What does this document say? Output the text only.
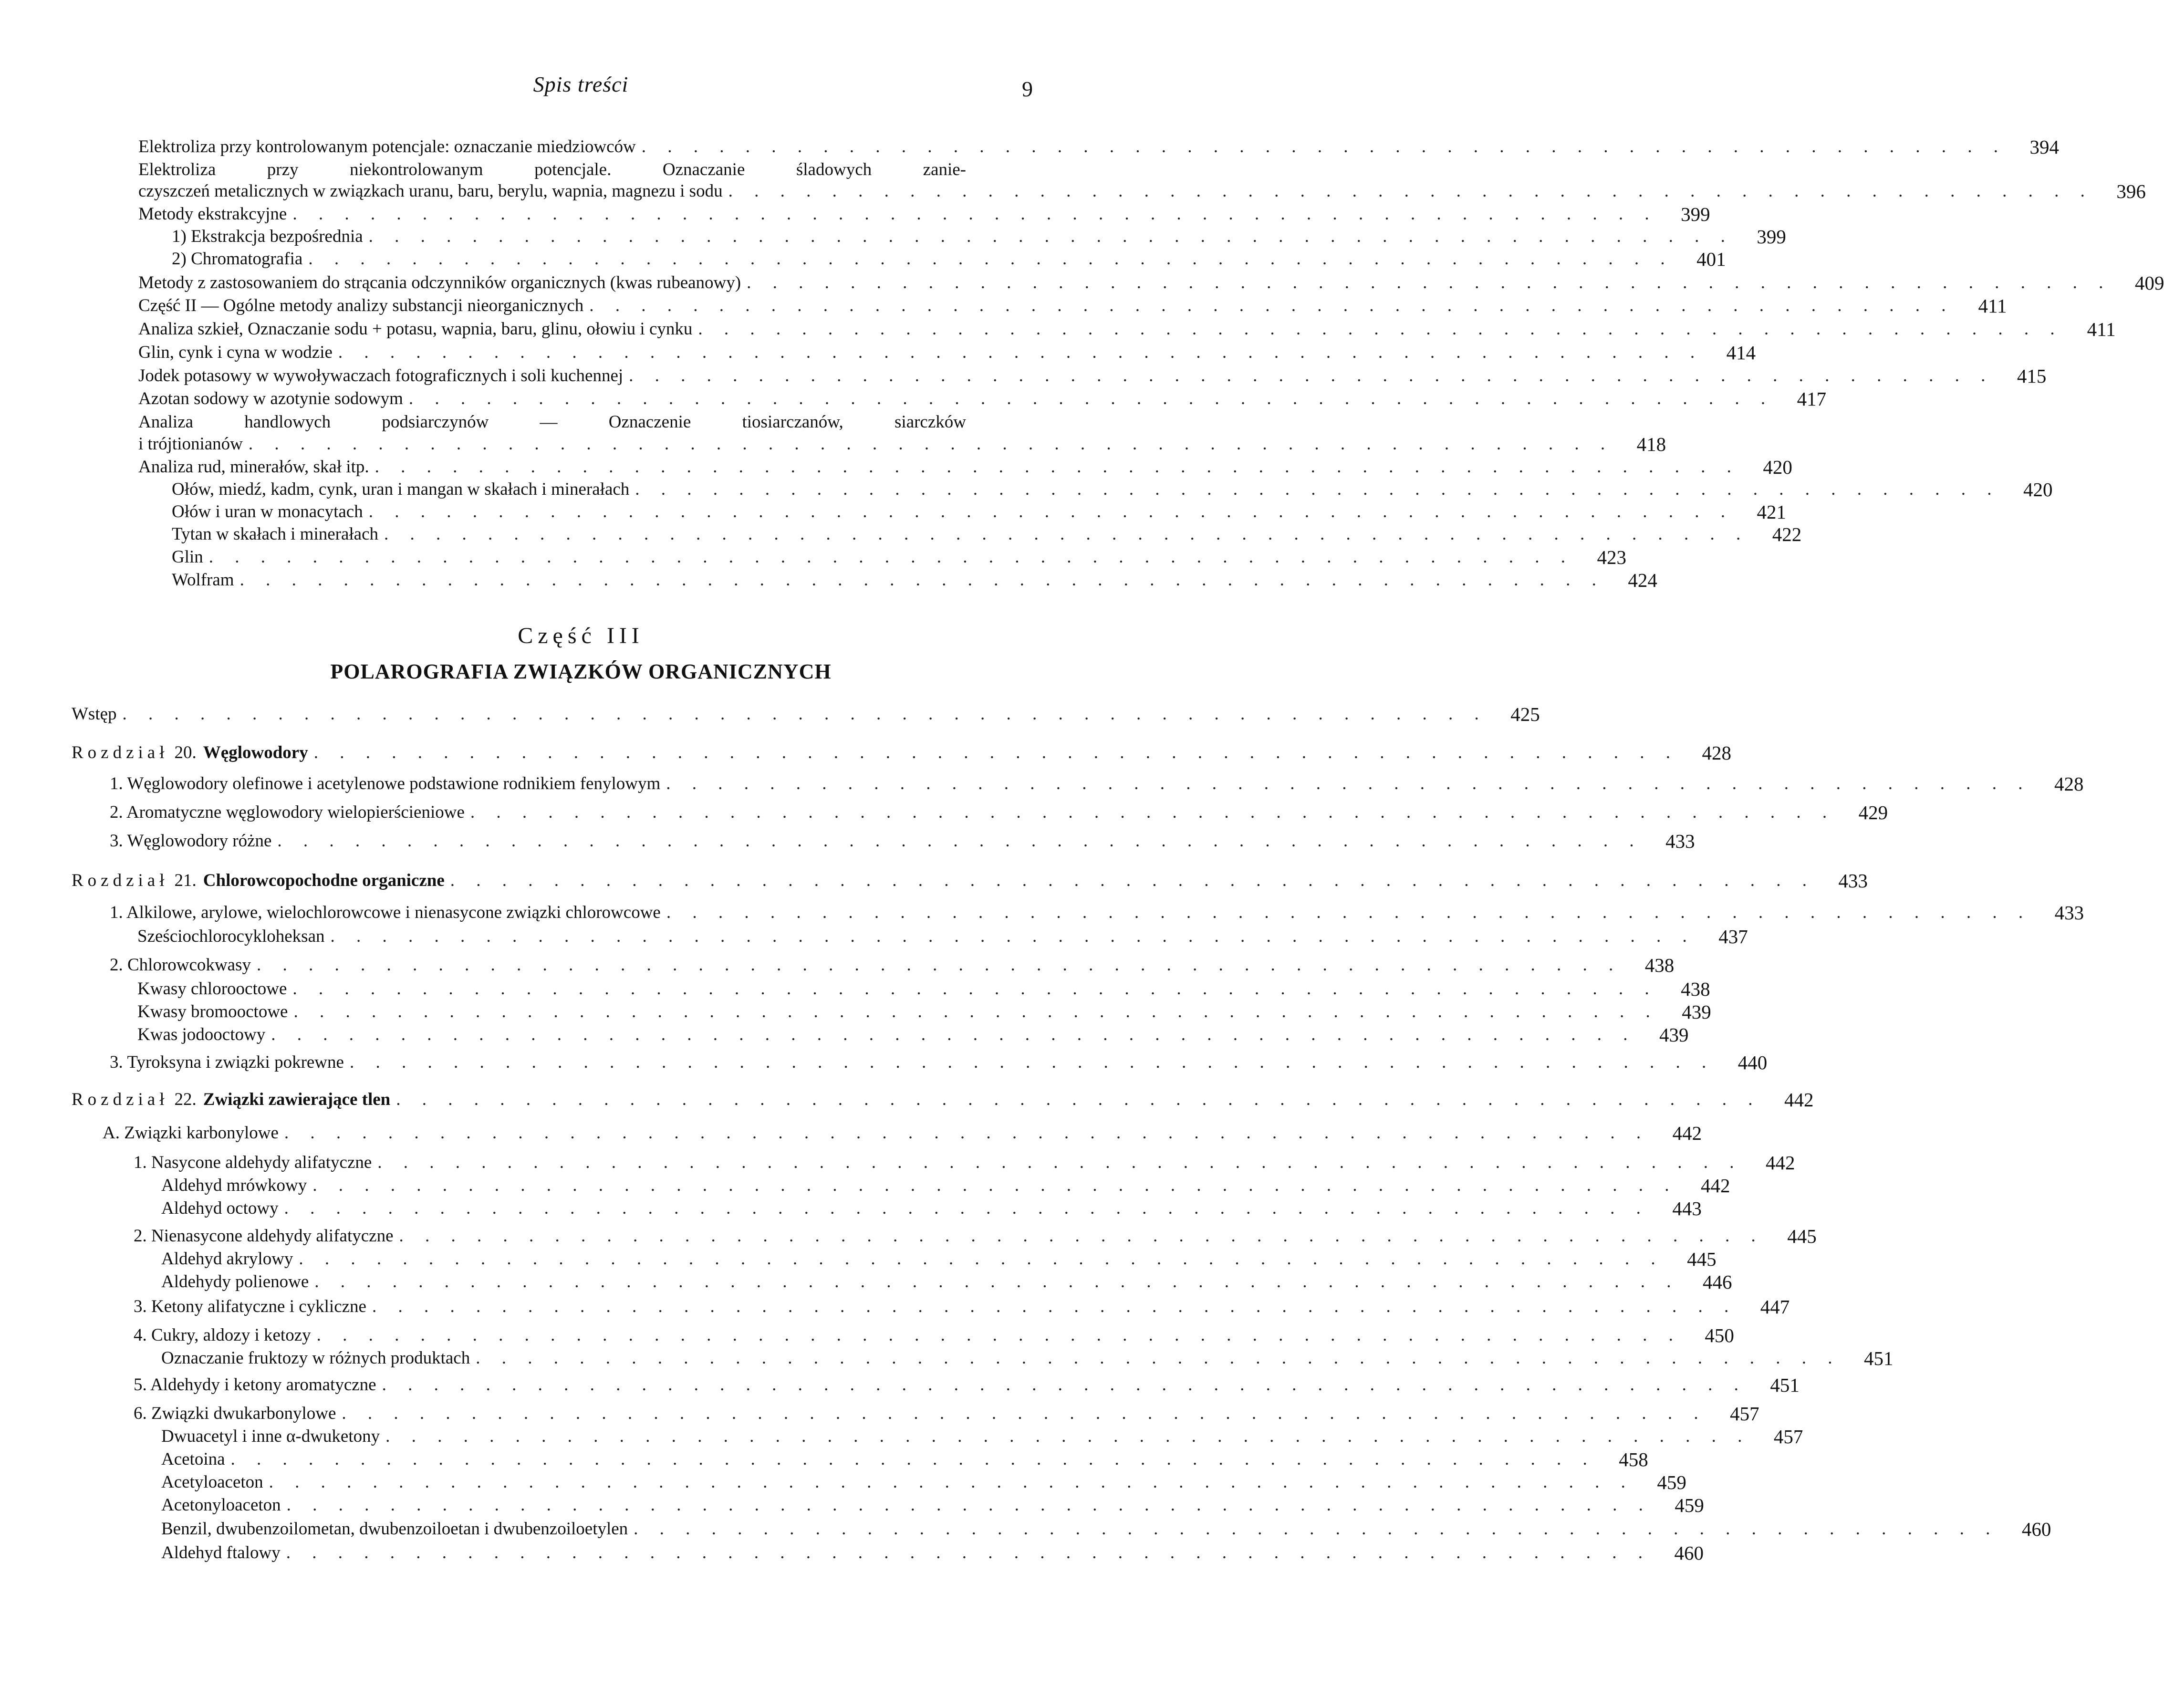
Spis treści	9
Elektroliza przy kontrolowanym potencjale: oznaczanie miedziowców . . . . . . . . . . . . . . . . . . . . . . . . . . . . . . . . . . . . . . . . . . . . . . . . . . . . .	394
Elektroliza przy niekontrolowanym potencjale. Oznaczanie śladowych zanie-
czyszczeń metalicznych w związkach uranu, baru, berylu, wapnia, magnezu i sodu . . . . . . . . . . . . . . . . . . . . . . . . . . . . . . . . . . . . . . . . . . . . . . . . . . . . .	396
Metody ekstrakcyjne . . . . . . . . . . . . . . . . . . . . . . . . . . . . . . . . . . . . . . . . . . . . . . . . . . . . .	399
1) Ekstrakcja bezpośrednia . . . . . . . . . . . . . . . . . . . . . . . . . . . . . . . . . . . . . . . . . . . . . . . . . . . . .	399
2) Chromatografia . . . . . . . . . . . . . . . . . . . . . . . . . . . . . . . . . . . . . . . . . . . . . . . . . . . . .	401
Metody z zastosowaniem do strącania odczynników organicznych (kwas rubeanowy) . . . . . . . . . . . . . . . . . . . . . . . . . . . . . . . . . . . . . . . . . . . . . . . . . . . . .	409
Część II — Ogólne metody analizy substancji nieorganicznych . . . . . . . . . . . . . . . . . . . . . . . . . . . . . . . . . . . . . . . . . . . . . . . . . . . . .	411
Analiza szkieł, Oznaczanie sodu + potasu, wapnia, baru, glinu, ołowiu i cynku . . . . . . . . . . . . . . . . . . . . . . . . . . . . . . . . . . . . . . . . . . . . . . . . . . . . .	411
Glin, cynk i cyna w wodzie . . . . . . . . . . . . . . . . . . . . . . . . . . . . . . . . . . . . . . . . . . . . . . . . . . . . .	414
Jodek potasowy w wywoływaczach fotograficznych i soli kuchennej . . . . . . . . . . . . . . . . . . . . . . . . . . . . . . . . . . . . . . . . . . . . . . . . . . . . .	415
Azotan sodowy w azotynie sodowym . . . . . . . . . . . . . . . . . . . . . . . . . . . . . . . . . . . . . . . . . . . . . . . . . . . . .	417
Analiza handlowych podsiarczynów — Oznaczenie tiosiarczanów, siarczków
i trójtionianów . . . . . . . . . . . . . . . . . . . . . . . . . . . . . . . . . . . . . . . . . . . . . . . . . . . . .	418
Analiza rud, minerałów, skał itp. . . . . . . . . . . . . . . . . . . . . . . . . . . . . . . . . . . . . . . . . . . . . . . . . . . . . .	420
Ołów, miedź, kadm, cynk, uran i mangan w skałach i minerałach . . . . . . . . . . . . . . . . . . . . . . . . . . . . . . . . . . . . . . . . . . . . . . . . . . . . .	420
Ołów i uran w monacytach . . . . . . . . . . . . . . . . . . . . . . . . . . . . . . . . . . . . . . . . . . . . . . . . . . . . .	421
Tytan w skałach i minerałach . . . . . . . . . . . . . . . . . . . . . . . . . . . . . . . . . . . . . . . . . . . . . . . . . . . . .	422
Glin . . . . . . . . . . . . . . . . . . . . . . . . . . . . . . . . . . . . . . . . . . . . . . . . . . . . .	423
Wolfram . . . . . . . . . . . . . . . . . . . . . . . . . . . . . . . . . . . . . . . . . . . . . . . . . . . . .	424
Wstęp . . . . . . . . . . . . . . . . . . . . . . . . . . . . . . . . . . . . . . . . . . . . . . . . . . . . .	425
Rozdział 20. Węglowodory . . . . . . . . . . . . . . . . . . . . . . . . . . . . . . . . . . . . . . . . . . . . . . . . . . . . .	428
1. Węglowodory olefinowe i acetylenowe podstawione rodnikiem fenylowym . . . . . . . . . . . . . . . . . . . . . . . . . . . . . . . . . . . . . . . . . . . . . . . . . . . . .	428
2. Aromatyczne węglowodory wielopierścieniowe . . . . . . . . . . . . . . . . . . . . . . . . . . . . . . . . . . . . . . . . . . . . . . . . . . . . .	429
3. Węglowodory różne . . . . . . . . . . . . . . . . . . . . . . . . . . . . . . . . . . . . . . . . . . . . . . . . . . . . .	433
Rozdział 21. Chlorowcopochodne organiczne . . . . . . . . . . . . . . . . . . . . . . . . . . . . . . . . . . . . . . . . . . . . . . . . . . . . .	433
1. Alkilowe, arylowe, wielochlorowcowe i nienasycone związki chlorowcowe . . . . . . . . . . . . . . . . . . . . . . . . . . . . . . . . . . . . . . . . . . . . . . . . . . . . .	433
Sześciochlorocykloheksan . . . . . . . . . . . . . . . . . . . . . . . . . . . . . . . . . . . . . . . . . . . . . . . . . . . . .	437
2. Chlorowcokwasy . . . . . . . . . . . . . . . . . . . . . . . . . . . . . . . . . . . . . . . . . . . . . . . . . . . . .	438
Kwasy chlorooctowe . . . . . . . . . . . . . . . . . . . . . . . . . . . . . . . . . . . . . . . . . . . . . . . . . . . . .	438
Kwasy bromooctowe . . . . . . . . . . . . . . . . . . . . . . . . . . . . . . . . . . . . . . . . . . . . . . . . . . . . .	439
Kwas jodooctowy . . . . . . . . . . . . . . . . . . . . . . . . . . . . . . . . . . . . . . . . . . . . . . . . . . . . .	439
3. Tyroksyna i związki pokrewne . . . . . . . . . . . . . . . . . . . . . . . . . . . . . . . . . . . . . . . . . . . . . . . . . . . . .	440
Rozdział 22. Związki zawierające tlen . . . . . . . . . . . . . . . . . . . . . . . . . . . . . . . . . . . . . . . . . . . . . . . . . . . . .	442
A. Związki karbonylowe . . . . . . . . . . . . . . . . . . . . . . . . . . . . . . . . . . . . . . . . . . . . . . . . . . . . .	442
1. Nasycone aldehydy alifatyczne . . . . . . . . . . . . . . . . . . . . . . . . . . . . . . . . . . . . . . . . . . . . . . . . . . . . .	442
Aldehyd mrówkowy . . . . . . . . . . . . . . . . . . . . . . . . . . . . . . . . . . . . . . . . . . . . . . . . . . . . .	442
Aldehyd octowy . . . . . . . . . . . . . . . . . . . . . . . . . . . . . . . . . . . . . . . . . . . . . . . . . . . . .	443
2. Nienasycone aldehydy alifatyczne . . . . . . . . . . . . . . . . . . . . . . . . . . . . . . . . . . . . . . . . . . . . . . . . . . . . .	445
Aldehyd akrylowy . . . . . . . . . . . . . . . . . . . . . . . . . . . . . . . . . . . . . . . . . . . . . . . . . . . . .	445
Aldehydy polienowe . . . . . . . . . . . . . . . . . . . . . . . . . . . . . . . . . . . . . . . . . . . . . . . . . . . . .	446
3. Ketony alifatyczne i cykliczne . . . . . . . . . . . . . . . . . . . . . . . . . . . . . . . . . . . . . . . . . . . . . . . . . . . . .	447
4. Cukry, aldozy i ketozy . . . . . . . . . . . . . . . . . . . . . . . . . . . . . . . . . . . . . . . . . . . . . . . . . . . . .	450
Oznaczanie fruktozy w różnych produktach . . . . . . . . . . . . . . . . . . . . . . . . . . . . . . . . . . . . . . . . . . . . . . . . . . . . .	451
5. Aldehydy i ketony aromatyczne . . . . . . . . . . . . . . . . . . . . . . . . . . . . . . . . . . . . . . . . . . . . . . . . . . . . .	451
6. Związki dwukarbonylowe . . . . . . . . . . . . . . . . . . . . . . . . . . . . . . . . . . . . . . . . . . . . . . . . . . . . .	457
Dwuacetyl i inne α-dwuketony . . . . . . . . . . . . . . . . . . . . . . . . . . . . . . . . . . . . . . . . . . . . . . . . . . . . .	457
Acetoina . . . . . . . . . . . . . . . . . . . . . . . . . . . . . . . . . . . . . . . . . . . . . . . . . . . . .	458
Acetyloaceton . . . . . . . . . . . . . . . . . . . . . . . . . . . . . . . . . . . . . . . . . . . . . . . . . . . . .	459
Acetonyloaceton . . . . . . . . . . . . . . . . . . . . . . . . . . . . . . . . . . . . . . . . . . . . . . . . . . . . .	459
Benzil, dwubenzoilometan, dwubenzoiloetan i dwubenzoiloetylen . . . . . . . . . . . . . . . . . . . . . . . . . . . . . . . . . . . . . . . . . . . . . . . . . . . . .	460
Aldehyd ftalowy . . . . . . . . . . . . . . . . . . . . . . . . . . . . . . . . . . . . . . . . . . . . . . . . . . . . .	460
Część III
POLAROGRAFIA ZWIĄZKÓW ORGANICZNYCH
